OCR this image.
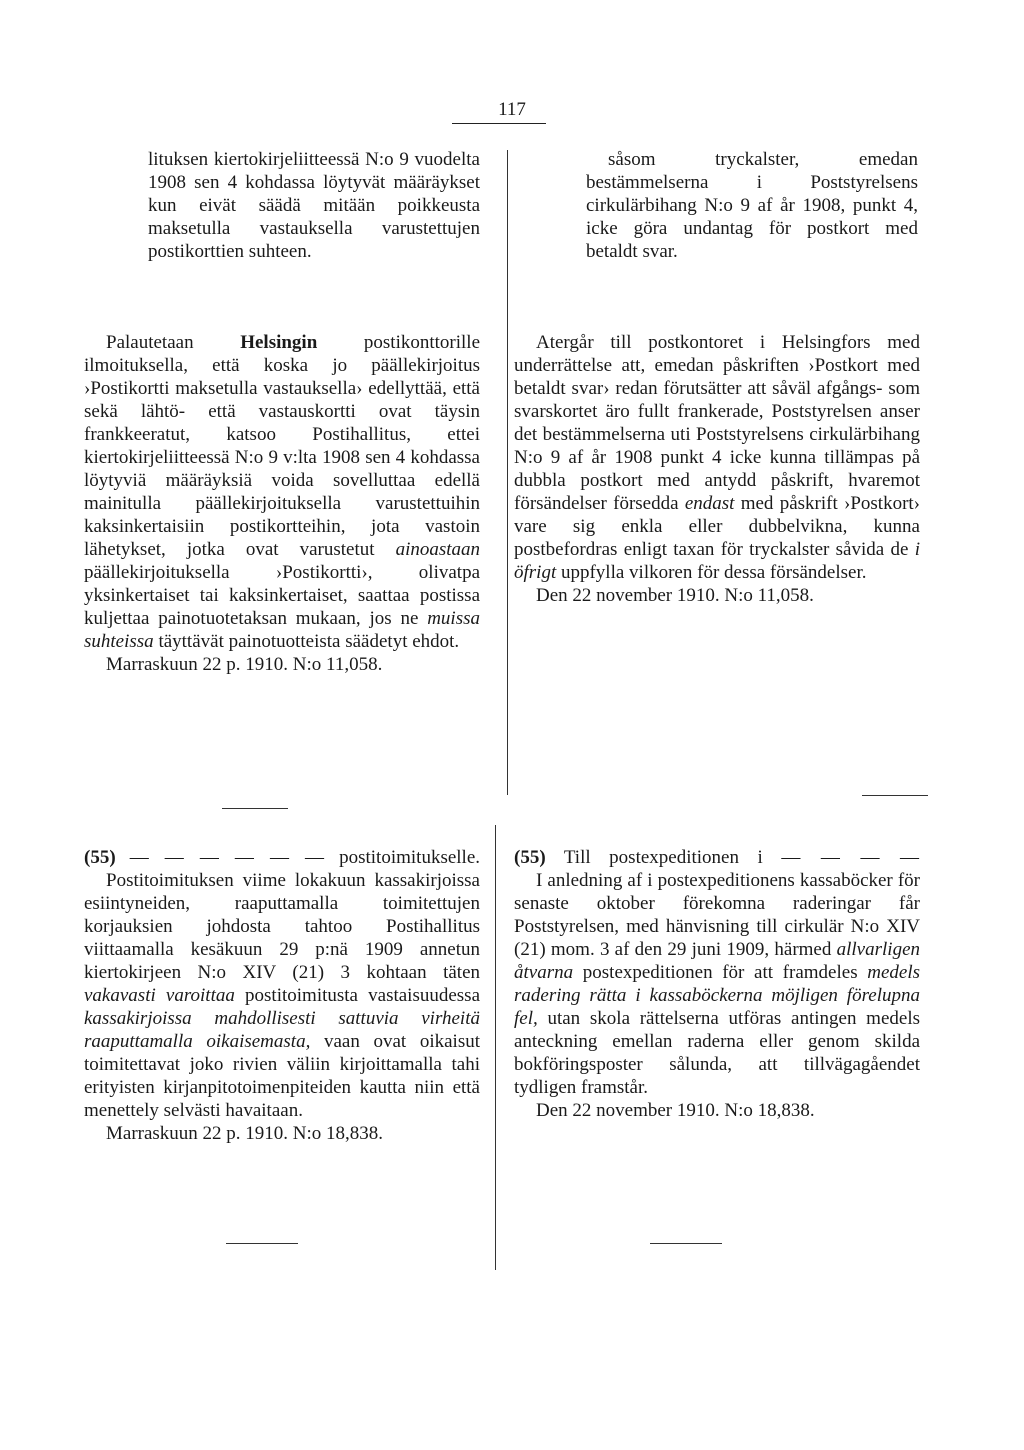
117

lituksen kiertokirjeliitteessä N:o 9 vuodelta 1908 sen 4 kohdassa löytyvät määräykset kun eivät säädä mitään poikkeusta maksetulla vastauksella varustettujen postikorttien suhteen.

såsom tryckalster, emedan bestämmelserna i Poststyrelsens cirkulärbihang N:o 9 af år 1908, punkt 4, icke göra undantag för postkort med betaldt svar.

Palautetaan Helsingin postikonttorille ilmoituksella, että koska jo päällekirjoitus ›Postikortti maksetulla vastauksella› edellyttää, että sekä lähtö- että vastauskortti ovat täysin frankkeeratut, katsoo Postihallitus, ettei kiertokirjeliitteessä N:o 9 v:lta 1908 sen 4 kohdassa löytyviä määräyksiä voida sovelluttaa edellä mainitulla päällekirjoituksella varustettuihin kaksinkertaisiin postikortteihin, jota vastoin lähetykset, jotka ovat varustetut ainoastaan päällekirjoituksella ›Postikortti›, olivatpa yksinkertaiset tai kaksinkertaiset, saattaa postissa kuljettaa painotuotetaksan mukaan, jos ne muissa suhteissa täyttävät painotuotteista säädetyt ehdot.

Marraskuun 22 p. 1910. N:o 11,058.

Atergår till postkontoret i Helsingfors med underrättelse att, emedan påskriften ›Postkort med betaldt svar› redan förutsätter att såväl afgångs- som svarskortet äro fullt frankerade, Poststyrelsen anser det bestämmelserna uti Poststyrelsens cirkulärbihang N:o 9 af år 1908 punkt 4 icke kunna tillämpas på dubbla postkort med antydd påskrift, hvaremot försändelser försedda endast med påskrift ›Postkort› vare sig enkla eller dubbelvikna, kunna postbefordras enligt taxan för tryckalster såvida de i öfrigt uppfylla vilkoren för dessa försändelser.

Den 22 november 1910. N:o 11,058.

(55) — — — — — — postitoimitukselle.

Postitoimituksen viime lokakuun kassakirjoissa esiintyneiden, raaputtamalla toimitettujen korjauksien johdosta tahtoo Postihallitus viittaamalla kesäkuun 29 p:nä 1909 annetun kiertokirjeen N:o XIV (21) 3 kohtaan täten vakavasti varoittaa postitoimitusta vastaisuudessa kassakirjoissa mahdollisesti sattuvia virheitä raaputtamalla oikaisemasta, vaan ovat oikaisut toimitettavat joko rivien väliin kirjoittamalla tahi erityisten kirjanpitotoimenpiteiden kautta niin että menettely selvästi havaitaan.

Marraskuun 22 p. 1910. N:o 18,838.

(55) Till postexpeditionen i — — — —

I anledning af i postexpeditionens kassaböcker för senaste oktober förekomna raderingar får Poststyrelsen, med hänvisning till cirkulär N:o XIV (21) mom. 3 af den 29 juni 1909, härmed allvarligen åtvarna postexpeditionen för att framdeles medels radering rätta i kassaböckerna möjligen förelupna fel, utan skola rättelserna utföras antingen medels anteckning emellan raderna eller genom skilda bokföringsposter sålunda, att tillvägagåendet tydligen framstår.

Den 22 november 1910. N:o 18,838.
